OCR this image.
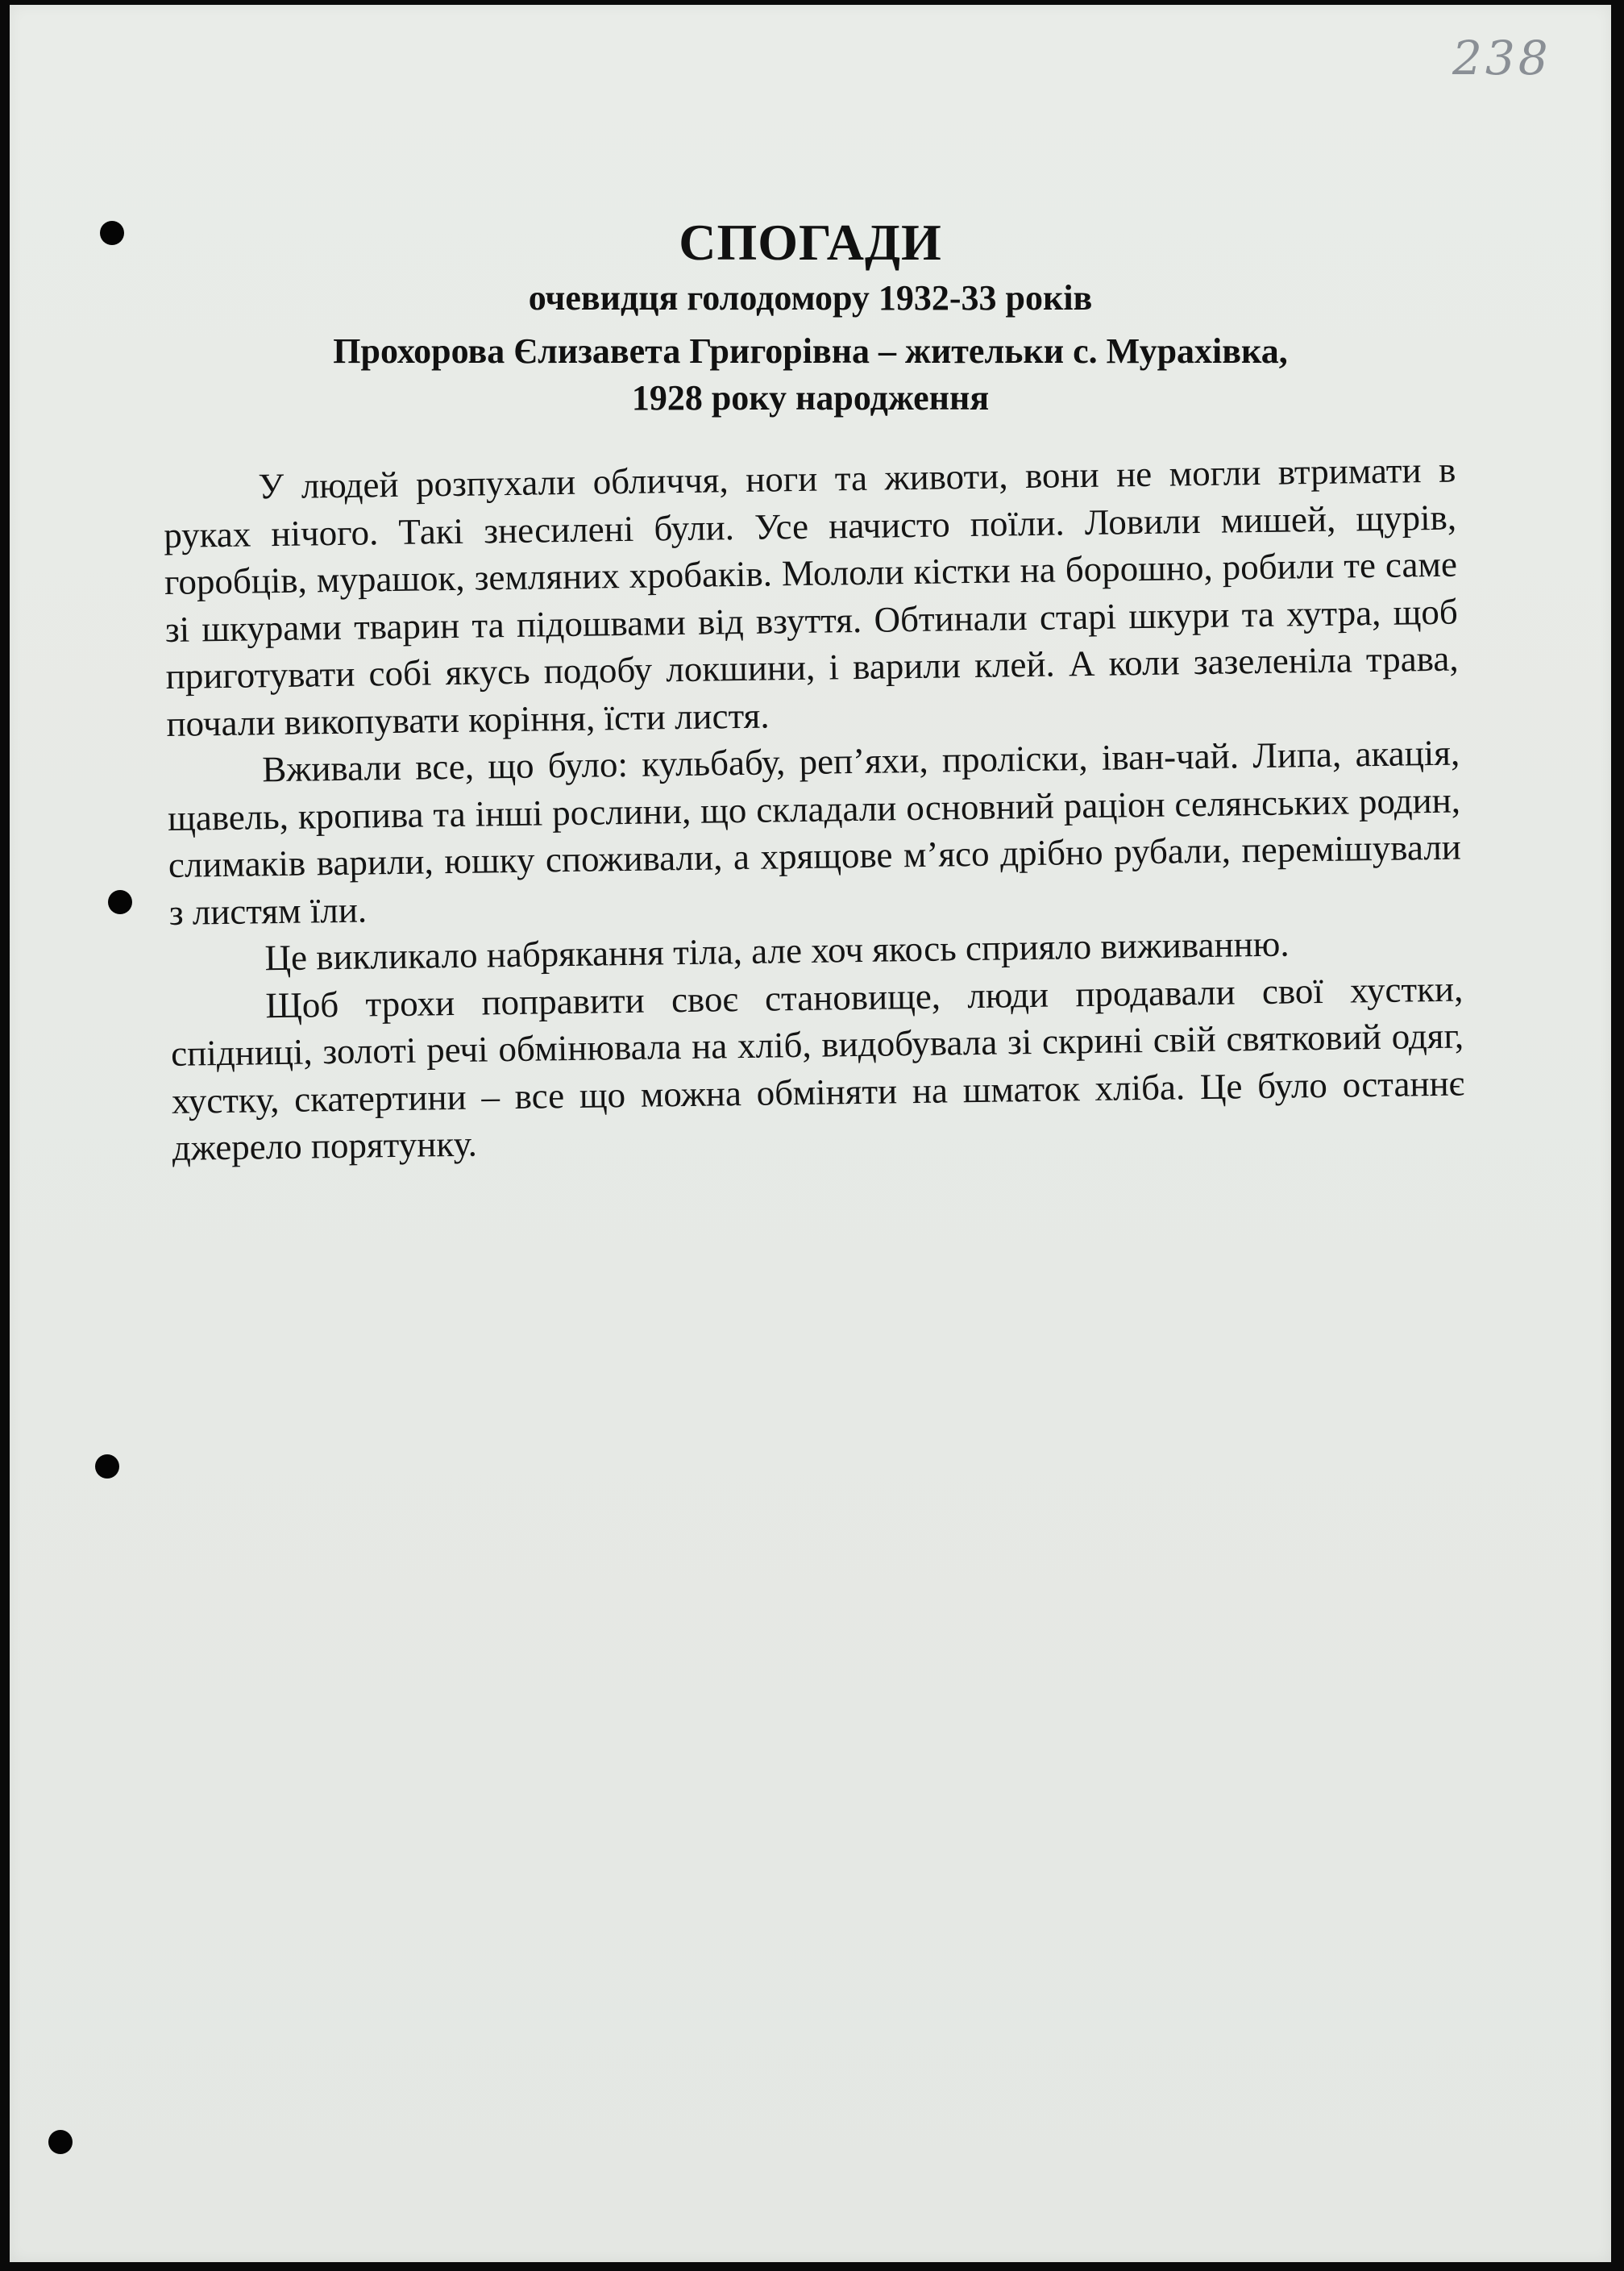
238
СПОГАДИ
очевидця голодомору 1932-33 років
Прохорова Єлизавета Григорівна – жительки с. Мурахівка,
1928 року народження

У людей розпухали обличчя, ноги та животи, вони не могли втримати в руках нічого. Такі знесилені були. Усе начисто поїли. Ловили мишей, щурів, горобців, мурашок, земляних хробаків. Мололи кістки на борошно, робили те саме зі шкурами тварин та підошвами від взуття. Обтинали старі шкури та хутра, щоб приготувати собі якусь подобу локшини, і варили клей. А коли зазеленіла трава, почали викопувати коріння, їсти листя.

Вживали все, що було: кульбабу, реп’яхи, проліски, іван-чай. Липа, акація, щавель, кропива та інші рослини, що складали основний раціон селянських родин, слимаків варили, юшку споживали, а хрящове м’ясо дрібно рубали, перемішували з листям їли.

Це викликало набрякання тіла, але хоч якось сприяло виживанню.

Щоб трохи поправити своє становище, люди продавали свої хустки, спідниці, золоті речі обмінювала на хліб, видобувала зі скрині свій святковий одяг, хустку, скатертини – все що можна обміняти на шматок хліба. Це було останнє джерело порятунку.
